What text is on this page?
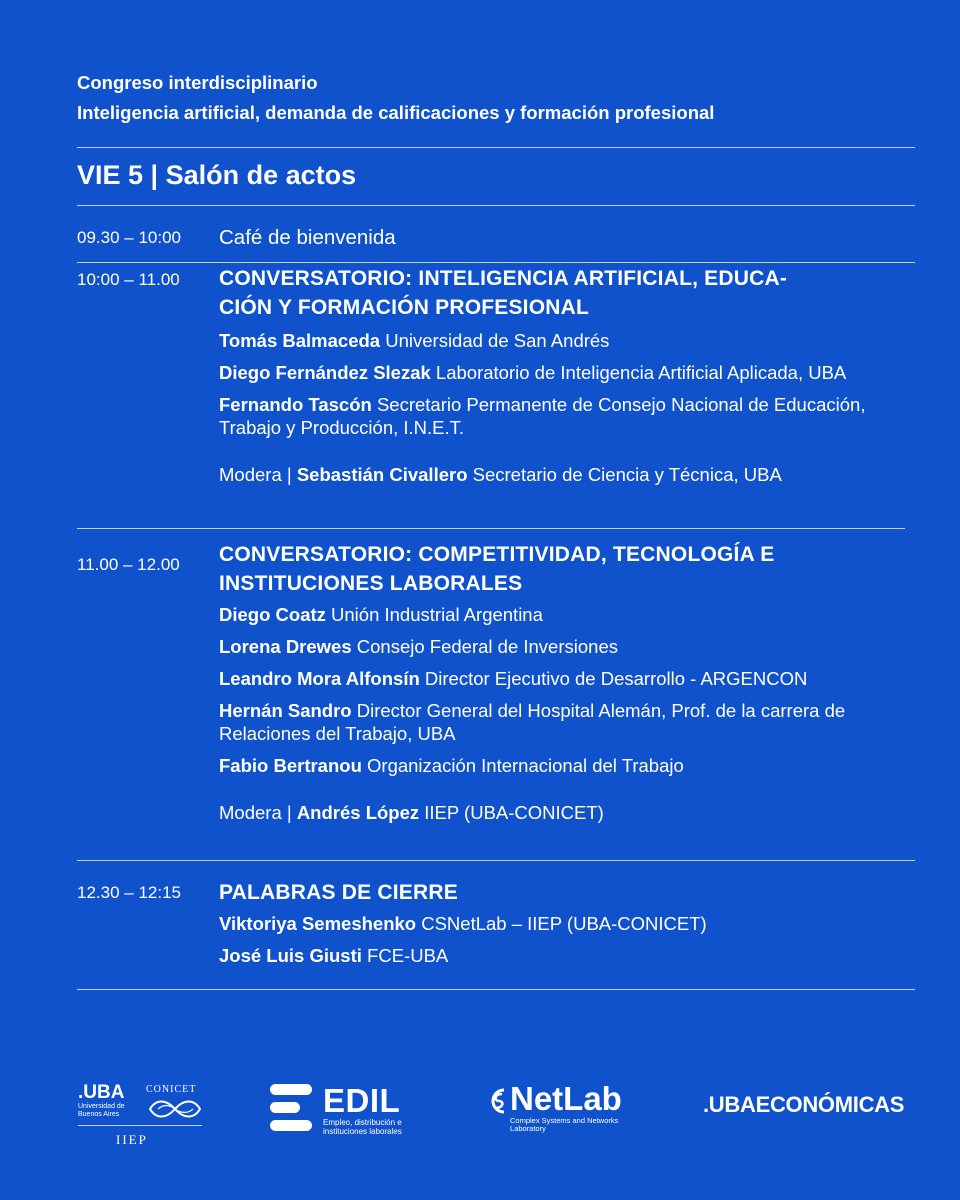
Congreso interdisciplinario
Inteligencia artificial, demanda de calificaciones y formación profesional
VIE 5 | Salón de actos
09.30 – 10:00 Café de bienvenida
10:00 – 11.00 CONVERSATORIO: INTELIGENCIA ARTIFICIAL, EDUCA-
CIÓN Y FORMACIÓN PROFESIONAL
Tomás Balmaceda Universidad de San Andrés
Diego Fernández Slezak Laboratorio de Inteligencia Artificial Aplicada, UBA
Fernando Tascón Secretario Permanente de Consejo Nacional de Educación, Trabajo y Producción, I.N.E.T.
Modera | Sebastián Civallero Secretario de Ciencia y Técnica, UBA
11.00 – 12.00 CONVERSATORIO: COMPETITIVIDAD, TECNOLOGÍA E
INSTITUCIONES LABORALES
Diego Coatz Unión Industrial Argentina
Lorena Drewes Consejo Federal de Inversiones
Leandro Mora Alfonsín Director Ejecutivo de Desarrollo - ARGENCON
Hernán Sandro Director General del Hospital Alemán, Prof. de la carrera de Relaciones del Trabajo, UBA
Fabio Bertranou Organización Internacional del Trabajo
Modera | Andrés López IIEP (UBA-CONICET)
12.30 – 12:15 PALABRAS DE CIERRE
Viktoriya Semeshenko CSNetLab – IIEP (UBA-CONICET)
José Luis Giusti FCE-UBA
.UBA
Universidad de Buenos Aires
CONICET
IIEP
EDIL
Empleo, distribución e instituciones laborales
NetLab
Complex Systems and Networks Laboratory
.UBAECONÓMICAS
